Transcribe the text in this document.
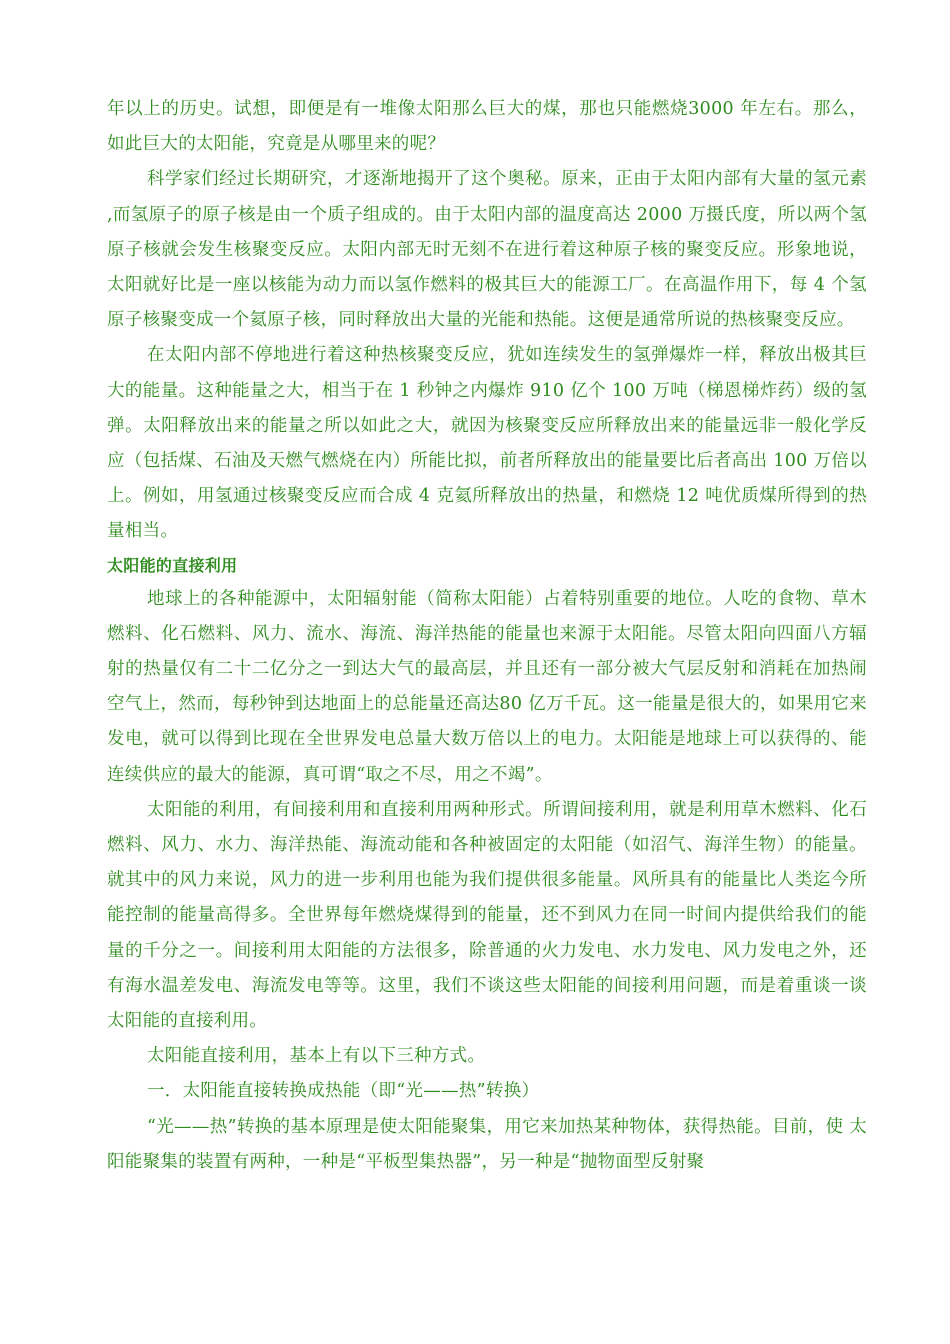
年以上的历史。试想，即便是有一堆像太阳那么巨大的煤，那也只能燃烧3000 年左右。那么，如此巨大的太阳能，究竟是从哪里来的呢？

科学家们经过长期研究，才逐渐地揭开了这个奥秘。原来，正由于太阳内部有大量的氢元素 ,而氢原子的原子核是由一个质子组成的。由于太阳内部的温度高达 2000 万摄氏度，所以两个氢原子核就会发生核聚变反应。太阳内部无时无刻不在进行着这种原子核的聚变反应。形象地说，太阳就好比是一座以核能为动力而以氢作燃料的极其巨大的能源工厂。在高温作用下，每 4 个氢原子核聚变成一个氦原子核，同时释放出大量的光能和热能。这便是通常所说的热核聚变反应。

在太阳内部不停地进行着这种热核聚变反应，犹如连续发生的氢弹爆炸一样，释放出极其巨大的能量。这种能量之大，相当于在 1 秒钟之内爆炸 910 亿个 100 万吨（梯恩梯炸药）级的氢弹。太阳释放出来的能量之所以如此之大，就因为核聚变反应所释放出来的能量远非一般化学反应（包括煤、石油及天燃气燃烧在内）所能比拟，前者所释放出的能量要比后者高出 100 万倍以上。例如，用氢通过核聚变反应而合成 4 克氦所释放出的热量，和燃烧 12 吨优质煤所得到的热量相当。

太阳能的直接利用

地球上的各种能源中，太阳辐射能（简称太阳能）占着特别重要的地位。人吃的食物、草木燃料、化石燃料、风力、流水、海流、海洋热能的能量也来源于太阳能。尽管太阳向四面八方辐射的热量仅有二十二亿分之一到达大气的最高层，并且还有一部分被大气层反射和消耗在加热闹空气上，然而，每秒钟到达地面上的总能量还高达80 亿万千瓦。这一能量是很大的，如果用它来发电，就可以得到比现在全世界发电总量大数万倍以上的电力。太阳能是地球上可以获得的、能连续供应的最大的能源，真可谓“取之不尽，用之不竭”。

太阳能的利用，有间接利用和直接利用两种形式。所谓间接利用，就是利用草木燃料、化石燃料、风力、水力、海洋热能、海流动能和各种被固定的太阳能（如沼气、海洋生物）的能量。就其中的风力来说，风力的进一步利用也能为我们提供很多能量。风所具有的能量比人类迄今所能控制的能量高得多。全世界每年燃烧煤得到的能量，还不到风力在同一时间内提供给我们的能量的千分之一。间接利用太阳能的方法很多，除普通的火力发电、水力发电、风力发电之外，还有海水温差发电、海流发电等等。这里，我们不谈这些太阳能的间接利用问题，而是着重谈一谈太阳能的直接利用。

太阳能直接利用，基本上有以下三种方式。

一．太阳能直接转换成热能（即“光——热”转换）

“光——热”转换的基本原理是使太阳能聚集，用它来加热某种物体，获得热能。目前，使 太阳能聚集的装置有两种，一种是“平板型集热器”，另一种是“抛物面型反射聚
